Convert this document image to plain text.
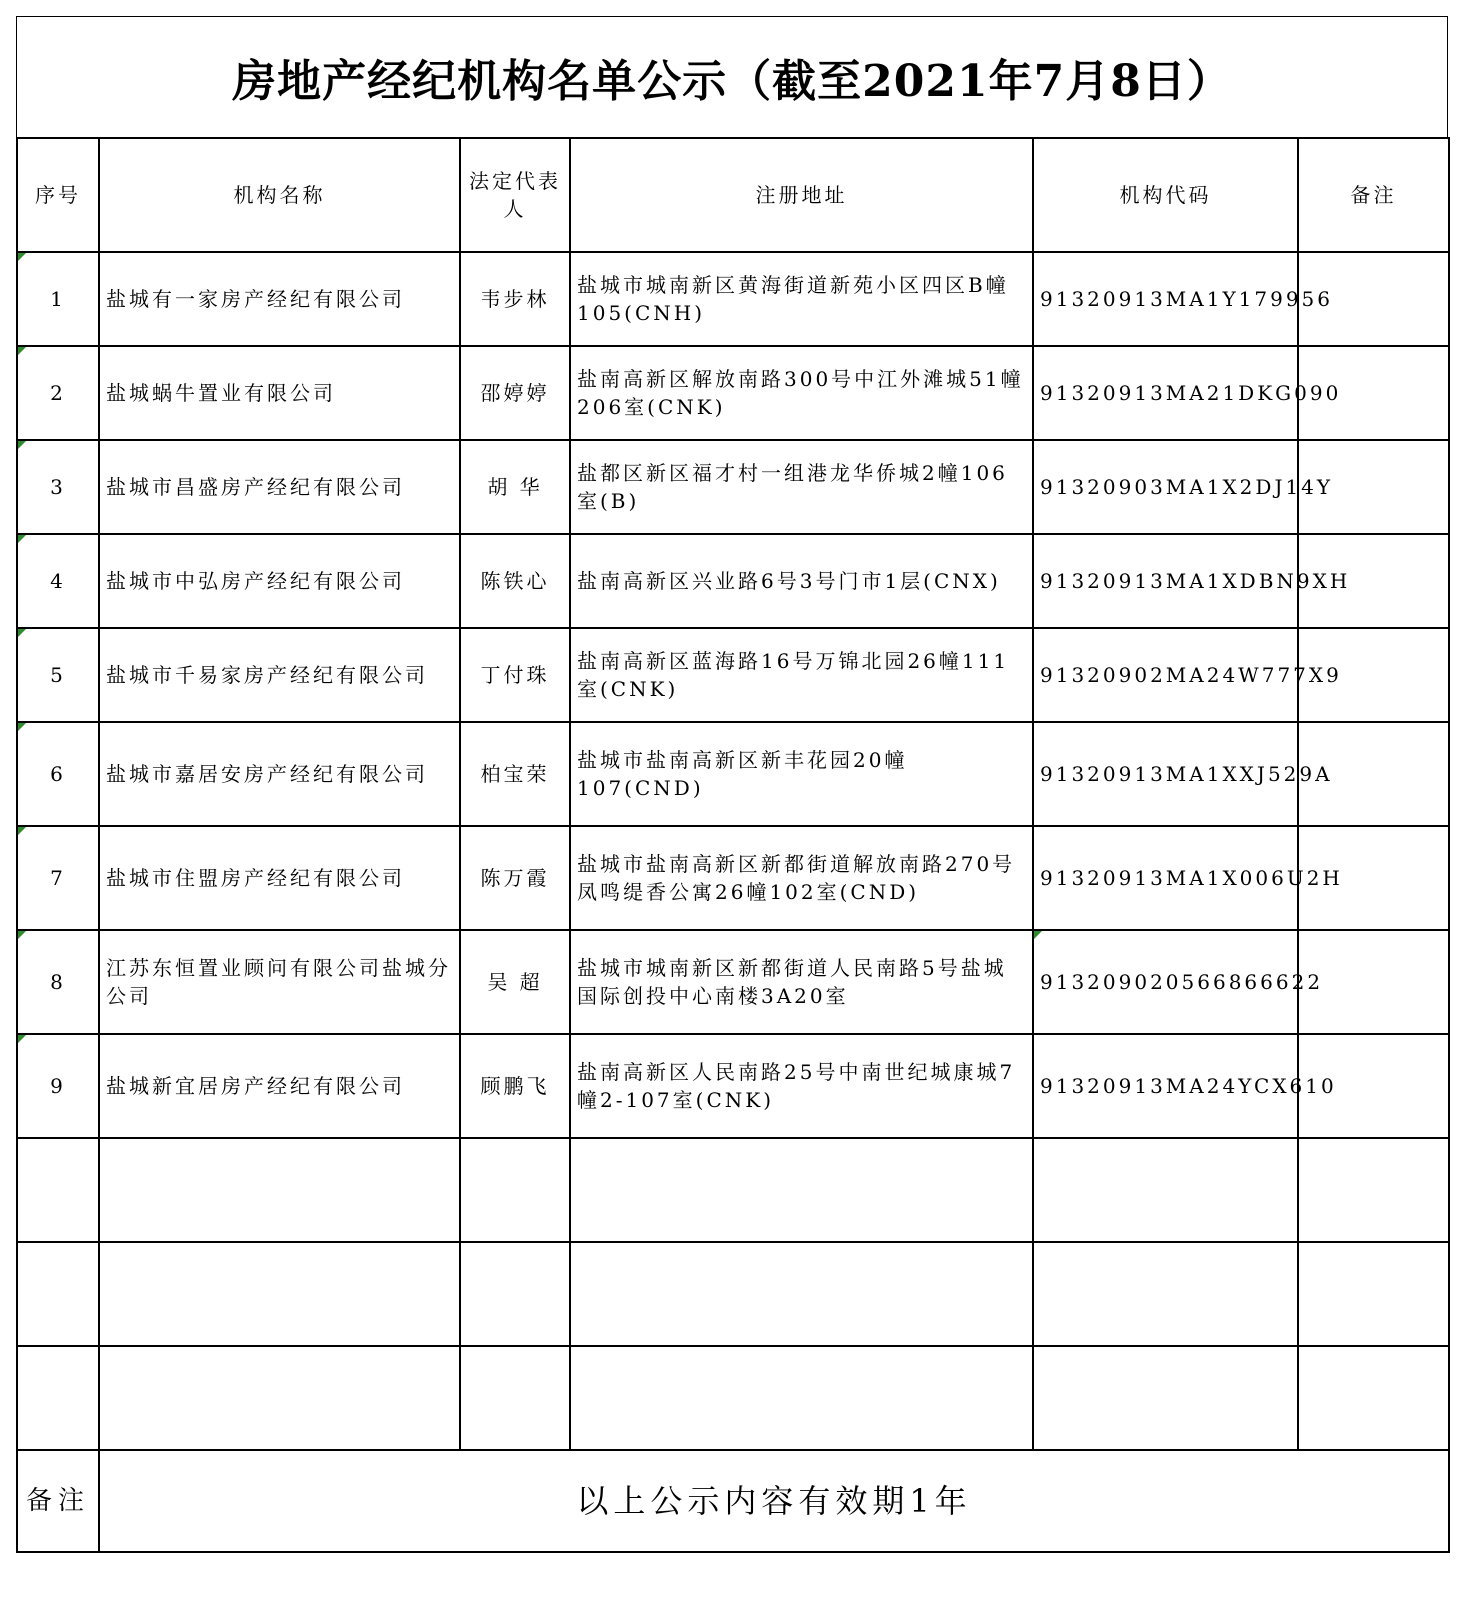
房地产经纪机构名单公示（截至2021年7月8日）
序号	机构名称	法定代表人	注册地址	机构代码	备注

1	盐城有一家房产经纪有限公司	韦步林	盐城市城南新区黄海街道新苑小区四区B幢105(CNH)	91320913MA1Y179956	

2	盐城蜗牛置业有限公司	邵婷婷	盐南高新区解放南路300号中江外滩城51幢206室(CNK)	91320913MA21DKG090	

3	盐城市昌盛房产经纪有限公司	胡 华	盐都区新区福才村一组港龙华侨城2幢106室(B)	91320903MA1X2DJ14Y	

4	盐城市中弘房产经纪有限公司	陈铁心	盐南高新区兴业路6号3号门市1层(CNX)	91320913MA1XDBN9XH	

5	盐城市千易家房产经纪有限公司	丁付珠	盐南高新区蓝海路16号万锦北园26幢111室(CNK)	91320902MA24W777X9	

6	盐城市嘉居安房产经纪有限公司	柏宝荣	盐城市盐南高新区新丰花园20幢107(CND)	91320913MA1XXJ529A	

7	盐城市住盟房产经纪有限公司	陈万霞	盐城市盐南高新区新都街道解放南路270号凤鸣缇香公寓26幢102室(CND)	91320913MA1X006U2H	

8	江苏东恒置业顾问有限公司盐城分公司	吴 超	盐城市城南新区新都街道人民南路5号盐城国际创投中心南楼3A20室	913209020566866622	

9	盐城新宜居房产经纪有限公司	顾鹏飞	盐南高新区人民南路25号中南世纪城康城7幢2-107室(CNK)	91320913MA24YCX610	

备注	以上公示内容有效期1年				
